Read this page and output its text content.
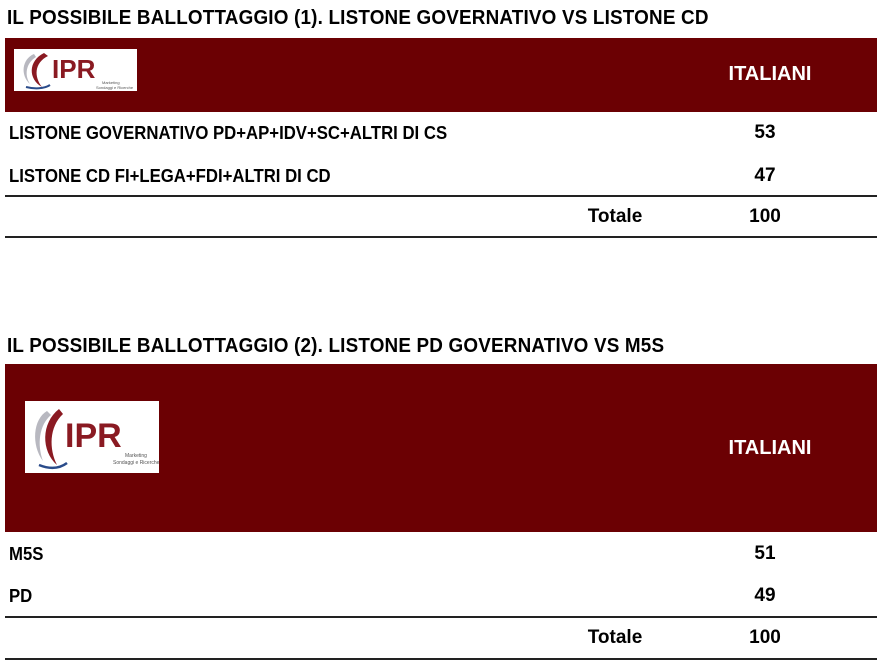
IL POSSIBILE BALLOTTAGGIO (1). LISTONE GOVERNATIVO VS LISTONE CD
IPR Marketing
Sondaggi e Ricerche
ITALIANI
LISTONE GOVERNATIVO PD+AP+IDV+SC+ALTRI DI CS	53
LISTONE CD FI+LEGA+FDI+ALTRI DI CD	47
Totale	100
IL POSSIBILE BALLOTTAGGIO (2). LISTONE PD GOVERNATIVO VS M5S
IPR
Marketing
Sondaggi e Ricerche
ITALIANI
M5S	51
PD	49
Totale	100
